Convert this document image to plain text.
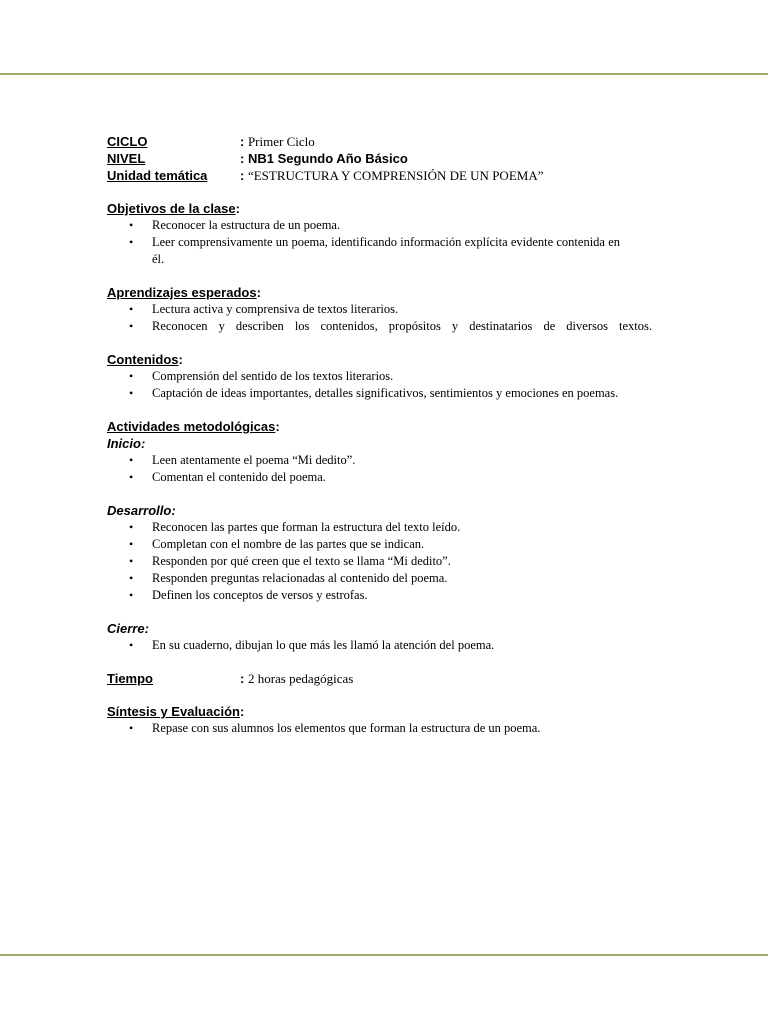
CICLO	: Primer Ciclo
NIVEL	: NB1 Segundo Año Básico
Unidad temática	: “ESTRUCTURA Y COMPRENSIÓN DE UN POEMA”
Objetivos de la clase:
• Reconocer la estructura de un poema.
• Leer comprensivamente un poema, identificando información explícita evidente contenida en él.
Aprendizajes esperados:
• Lectura activa y comprensiva de textos literarios.
• Reconocen y describen los contenidos, propósitos y destinatarios de diversos textos.
Contenidos:
• Comprensión del sentido de los textos literarios.
• Captación de ideas importantes, detalles significativos, sentimientos y emociones en poemas.
Actividades metodológicas:
Inicio:
• Leen atentamente el poema “Mi dedito”.
• Comentan el contenido del poema.
Desarrollo:
• Reconocen las partes que forman la estructura del texto leído.
• Completan con el nombre de las partes que se indican.
• Responden por qué creen que el texto se llama “Mi dedito”.
• Responden preguntas relacionadas al contenido del poema.
• Definen los conceptos de versos y estrofas.
Cierre:
• En su cuaderno, dibujan lo que más les llamó la atención del poema.
Tiempo	: 2 horas pedagógicas
Síntesis y Evaluación:
• Repase con sus alumnos los elementos que forman la estructura de un poema.
